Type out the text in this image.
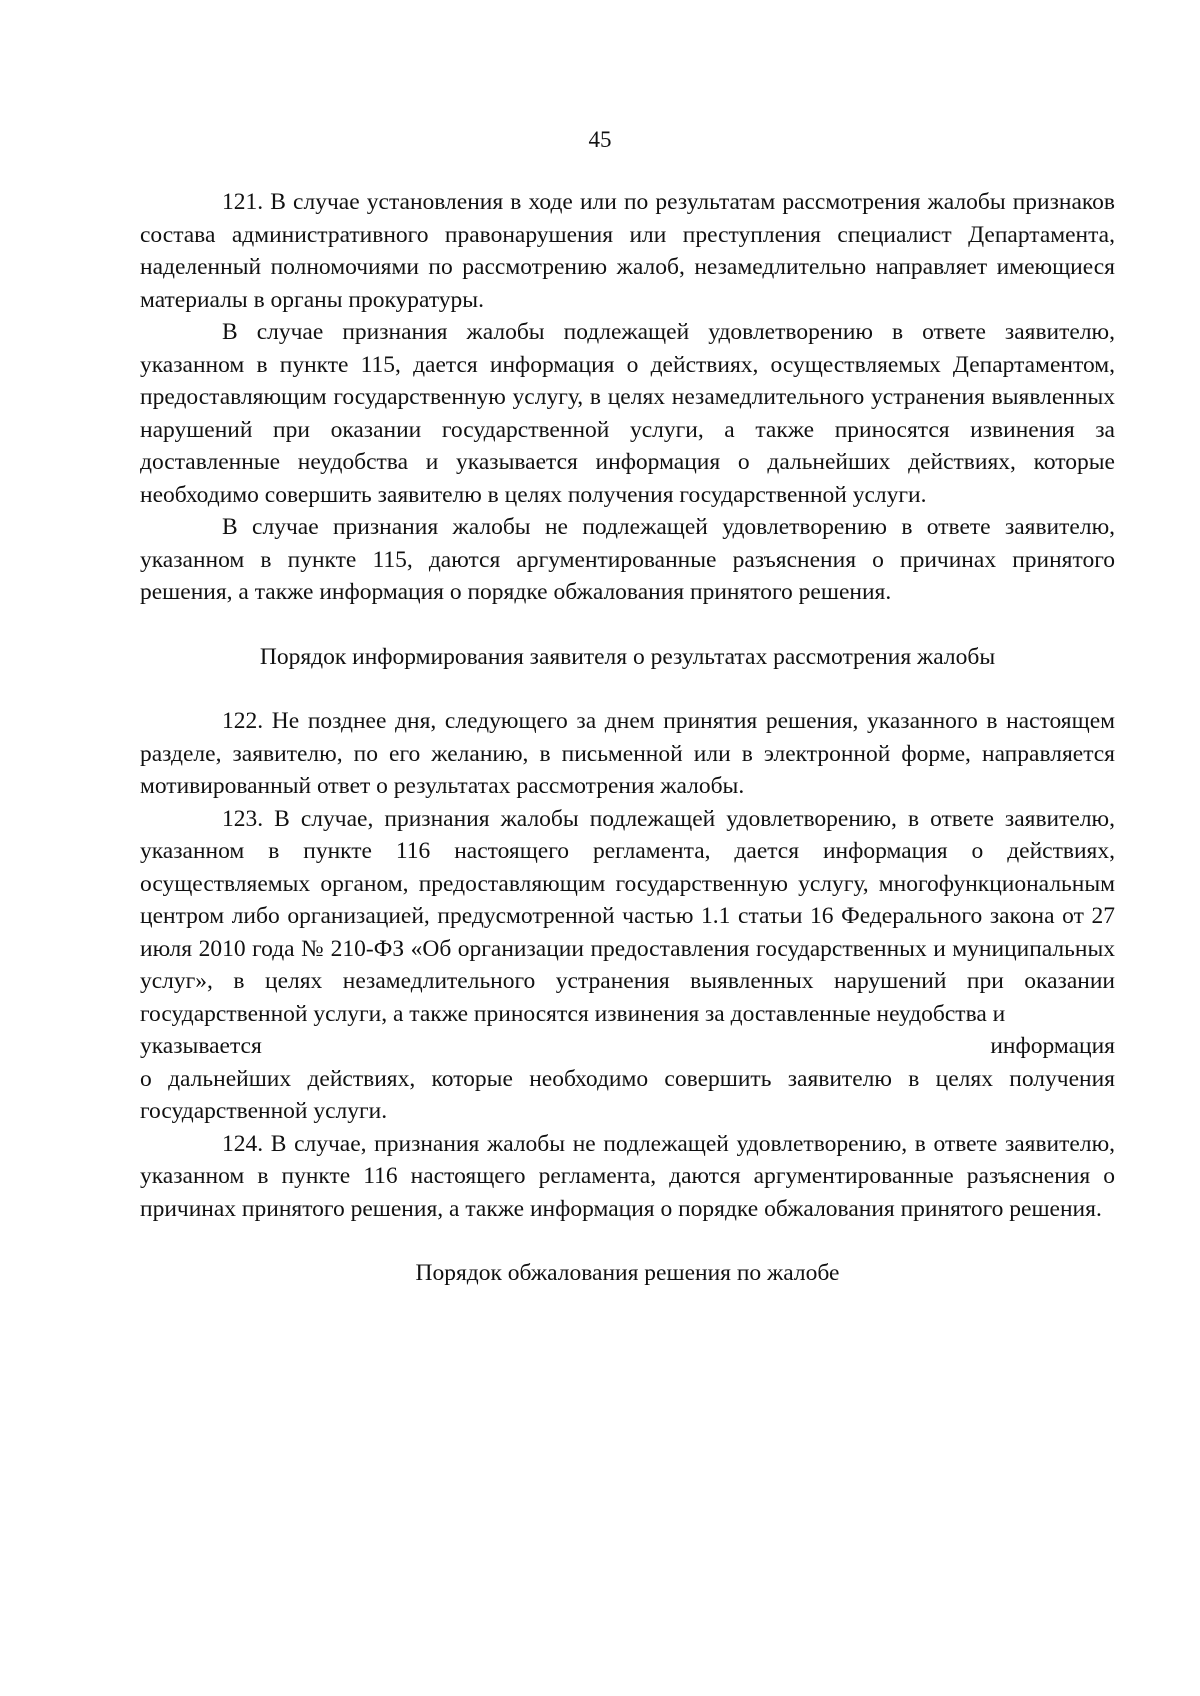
45

121. В случае установления в ходе или по результатам рассмотрения жалобы признаков состава административного правонарушения или преступления специалист Департамента, наделенный полномочиями по рассмотрению жалоб, незамедлительно направляет имеющиеся материалы в органы прокуратуры.

В случае признания жалобы подлежащей удовлетворению в ответе заявителю, указанном в пункте 115, дается информация о действиях, осуществляемых Департаментом, предоставляющим государственную услугу, в целях незамедлительного устранения выявленных нарушений при оказании государственной услуги, а также приносятся извинения за доставленные неудобства и указывается информация о дальнейших действиях, которые необходимо совершить заявителю в целях получения государственной услуги.

В случае признания жалобы не подлежащей удовлетворению в ответе заявителю, указанном в пункте 115, даются аргументированные разъяснения о причинах принятого решения, а также информация о порядке обжалования принятого решения.

Порядок информирования заявителя о результатах рассмотрения жалобы

122. Не позднее дня, следующего за днем принятия решения, указанного в настоящем разделе, заявителю, по его желанию, в письменной или в электронной форме, направляется мотивированный ответ о результатах рассмотрения жалобы.

123. В случае, признания жалобы подлежащей удовлетворению, в ответе заявителю, указанном в пункте 116 настоящего регламента, дается информация о действиях, осуществляемых органом, предоставляющим государственную услугу, многофункциональным центром либо организацией, предусмотренной частью 1.1 статьи 16 Федерального закона от 27 июля 2010 года № 210-ФЗ «Об организации предоставления государственных и муниципальных услуг», в целях незамедлительного устранения выявленных нарушений при оказании государственной услуги, а также приносятся извинения за доставленные неудобства и

указывается	информация

о дальнейших действиях, которые необходимо совершить заявителю в целях получения государственной услуги.

124. В случае, признания жалобы не подлежащей удовлетворению, в ответе заявителю, указанном в пункте 116 настоящего регламента, даются аргументированные разъяснения о причинах принятого решения, а также информация о порядке обжалования принятого решения.

Порядок обжалования решения по жалобе
